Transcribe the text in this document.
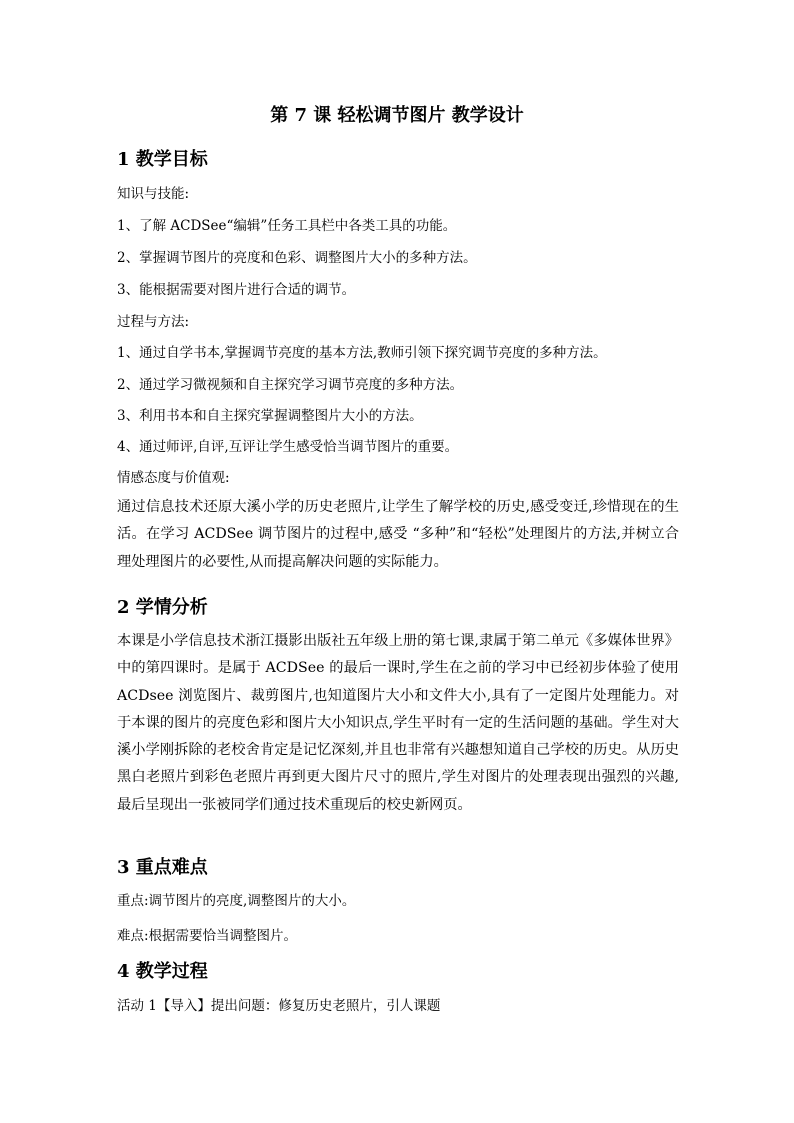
第 7 课 轻松调节图片 教学设计
1 教学目标
知识与技能:
1、了解 ACDSee“编辑”任务工具栏中各类工具的功能。
2、掌握调节图片的亮度和色彩、调整图片大小的多种方法。
3、能根据需要对图片进行合适的调节。
过程与方法:
1、通过自学书本,掌握调节亮度的基本方法,教师引领下探究调节亮度的多种方法。
2、通过学习微视频和自主探究学习调节亮度的多种方法。
3、利用书本和自主探究掌握调整图片大小的方法。
4、通过师评,自评,互评让学生感受恰当调节图片的重要。
情感态度与价值观:
通过信息技术还原大溪小学的历史老照片,让学生了解学校的历史,感受变迁,珍惜现在的生活。在学习 ACDSee 调节图片的过程中,感受 “多种”和“轻松”处理图片的方法,并树立合理处理图片的必要性,从而提高解决问题的实际能力。
2 学情分析
本课是小学信息技术浙江摄影出版社五年级上册的第七课,隶属于第二单元《多媒体世界》中的第四课时。是属于 ACDSee 的最后一课时,学生在之前的学习中已经初步体验了使用 ACDsee 浏览图片、裁剪图片,也知道图片大小和文件大小,具有了一定图片处理能力。对于本课的图片的亮度色彩和图片大小知识点,学生平时有一定的生活问题的基础。学生对大溪小学刚拆除的老校舍肯定是记忆深刻,并且也非常有兴趣想知道自己学校的历史。从历史黑白老照片到彩色老照片再到更大图片尺寸的照片,学生对图片的处理表现出强烈的兴趣,最后呈现出一张被同学们通过技术重现后的校史新网页。
3 重点难点
重点:调节图片的亮度,调整图片的大小。
难点:根据需要恰当调整图片。
4 教学过程
活动 1【导入】提出问题：修复历史老照片，引人课题
